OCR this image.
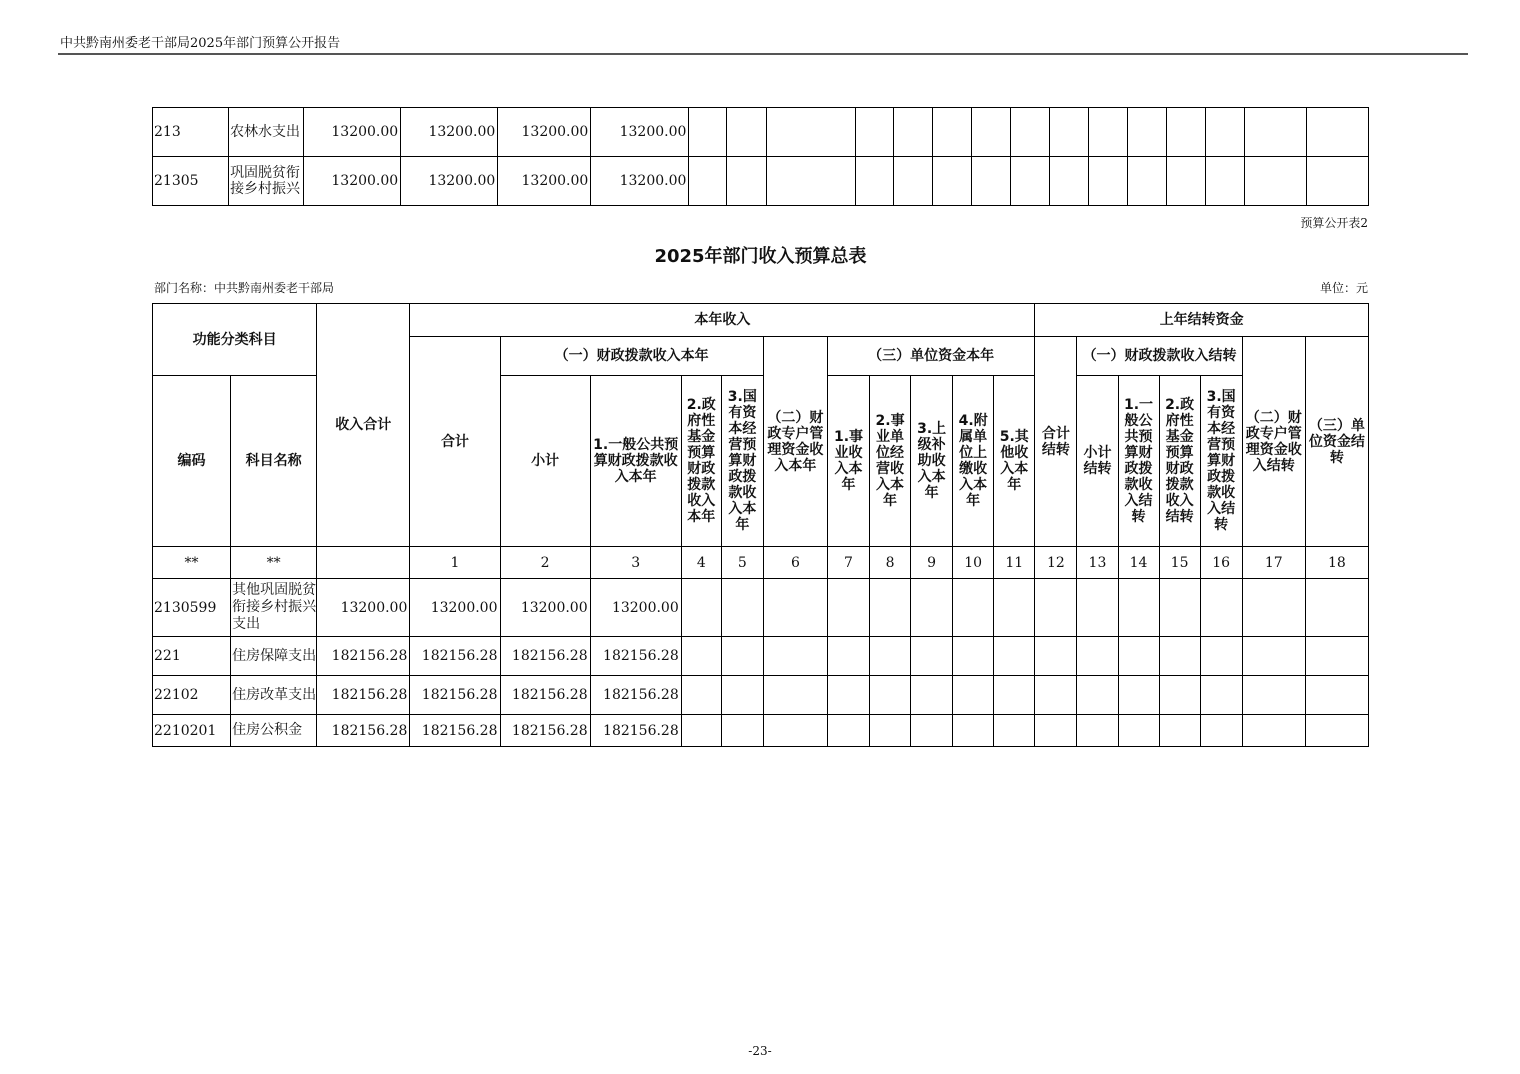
中共黔南州委老干部局2025年部门预算公开报告
213	农林水支出	13200.00	13200.00	13200.00	13200.00															
21305	巩固脱贫衔接乡村振兴	13200.00	13200.00	13200.00	13200.00															
预算公开表2
2025年部门收入预算总表
部门名称：中共黔南州委老干部局	单位：元
功能分类科目		收入合计	本年收入											上年结转资金						
			合计	（一）财政拨款收入本年				（二）财政专户管理资金收入本年	（三）单位资金本年					合计结转	（一）财政拨款收入结转				（二）财政专户管理资金收入结转	（三）单位资金结转
编码	科目名称			小计	1.一般公共预算财政拨款收入本年	2.政府性基金预算财政拨款收入本年	3.国有资本经营预算财政拨款收入本年		1.事业收入本年	2.事业单位经营收入本年	3.上级补助收入本年	4.附属单位上缴收入本年	5.其他收入本年		小计结转	1.一般公共预算财政拨款收入结转	2.政府性基金预算财政拨款收入结转	3.国有资本经营预算财政拨款收入结转		
**	**		1	2	3	4	5	6	7	8	9	10	11	12	13	14	15	16	17	18
2130599	其他巩固脱贫衔接乡村振兴支出	13200.00	13200.00	13200.00	13200.00															
221	住房保障支出	182156.28	182156.28	182156.28	182156.28															
22102	住房改革支出	182156.28	182156.28	182156.28	182156.28															
2210201	住房公积金	182156.28	182156.28	182156.28	182156.28															
-23-
